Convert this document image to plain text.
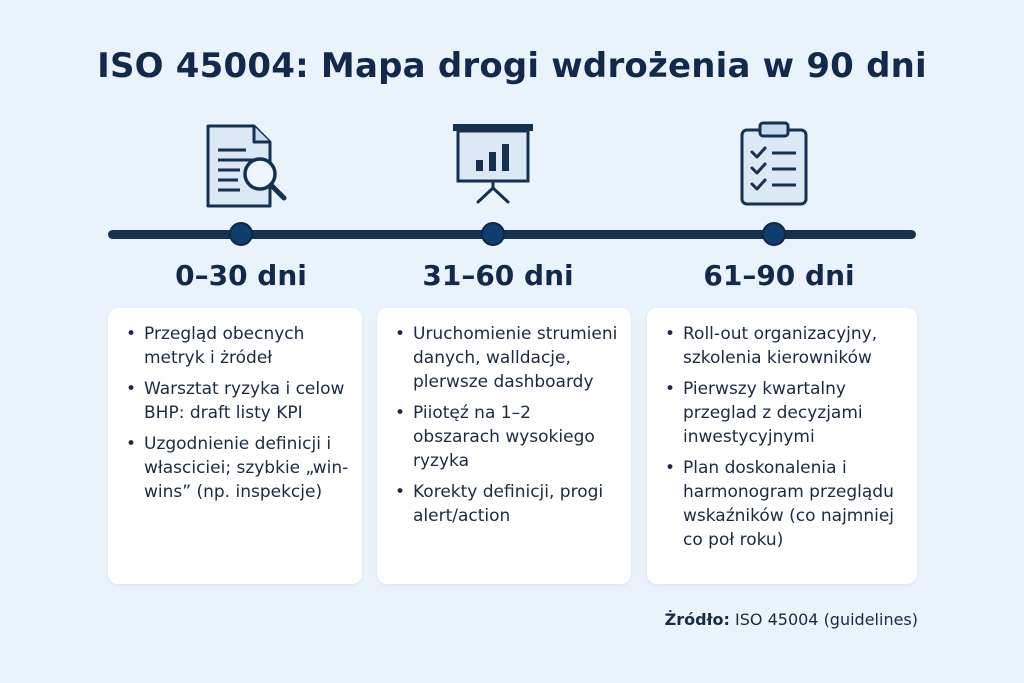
ISO 45004: Mapa drogi wdrożenia w 90 dni
0–30 dni	31–60 dni	61–90 dni
• Przegląd obecnych metryk i żródeł
• Warsztat ryzyka i celow BHP: draft listy KPI
• Uzgodnienie definicji i własciciei; szybkie „win-wins” (np. inspekcje)
• Uruchomienie strumieni danych, walldacje, plerwsze dashboardy
• Piiotęź na 1–2 obszarach wysokiego ryzyka
• Korekty definicji, progi alert/action
• Roll-out organizacyjny, szkolenia kierowników
• Pierwszy kwartalny przeglad z decyzjami inwestycyjnymi
• Plan doskonalenia i harmonogram przeglądu wskaźników (co najmniej co poł roku)
Żródło: ISO 45004 (guidelines)
